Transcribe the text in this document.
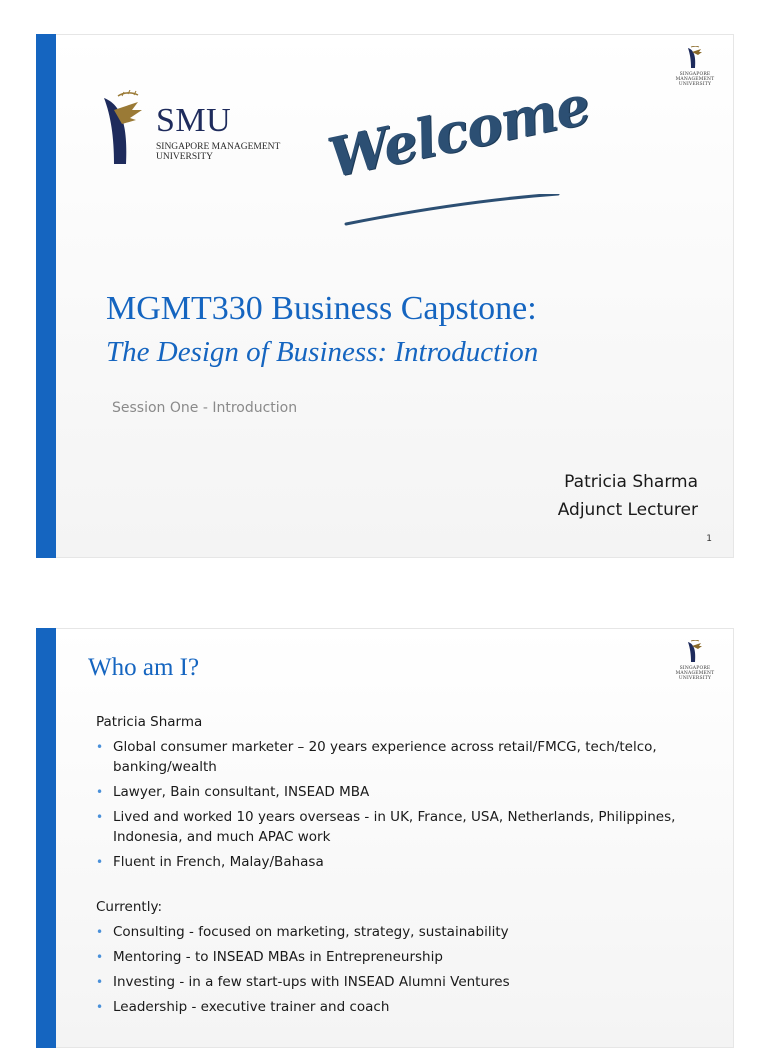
SINGAPORE MANAGEMENT UNIVERSITY
SMU
SINGAPORE MANAGEMENT UNIVERSITY	Welcome
MGMT330 Business Capstone:
The Design of Business: Introduction
Session One - Introduction
Patricia Sharma
Adjunct Lecturer
1
SINGAPORE MANAGEMENT UNIVERSITY
Who am I?
Patricia Sharma
• Global consumer marketer – 20 years experience across retail/FMCG, tech/telco, banking/wealth
• Lawyer, Bain consultant, INSEAD MBA
• Lived and worked 10 years overseas - in UK, France, USA, Netherlands, Philippines, Indonesia, and much APAC work
• Fluent in French, Malay/Bahasa
Currently:
• Consulting - focused on marketing, strategy, sustainability
• Mentoring - to INSEAD MBAs in Entrepreneurship
• Investing - in a few start-ups with INSEAD Alumni Ventures
• Leadership - executive trainer and coach
